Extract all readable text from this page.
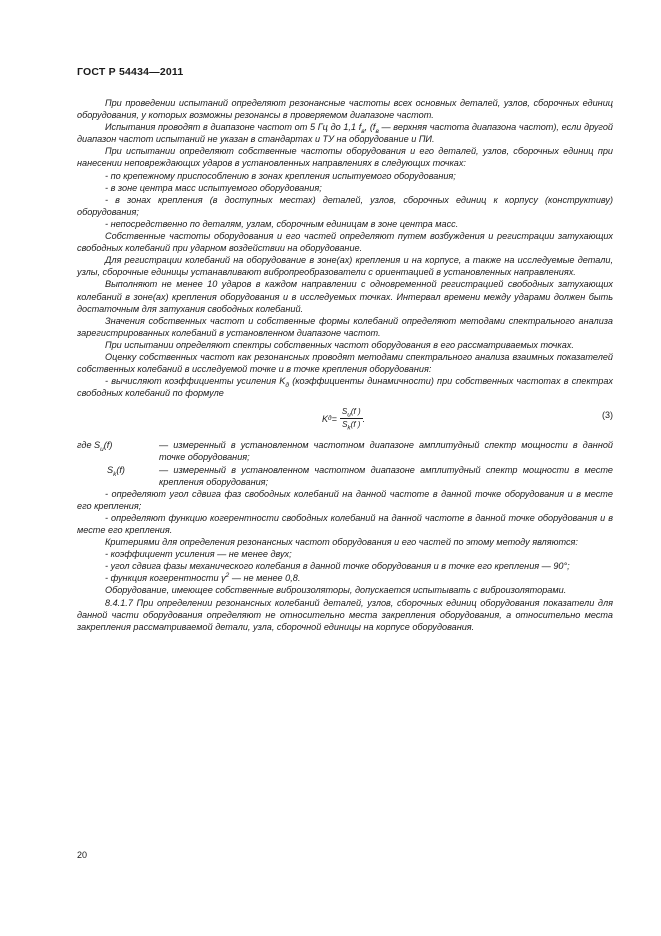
ГОСТ Р 54434—2011

При проведении испытаний определяют резонансные частоты всех основных деталей, узлов, сборочных единиц оборудования, у которых возможны резонансы в проверяемом диапазоне частот.

Испытания проводят в диапазоне частот от 5 Гц до 1,1 $f_в$, ($f_в$ — верхняя частота диапазона частот), если другой диапазон частот испытаний не указан в стандартах и ТУ на оборудование и ПИ.

При испытании определяют собственные частоты оборудования и его деталей, узлов, сборочных единиц при нанесении неповреждающих ударов в установленных направлениях в следующих точках:

- по крепежному приспособлению в зонах крепления испытуемого оборудования;

- в зоне центра масс испытуемого оборудования;

- в зонах крепления (в доступных местах) деталей, узлов, сборочных единиц к корпусу (конструктиву) оборудования;

- непосредственно по деталям, узлам, сборочным единицам в зоне центра масс.

Собственные частоты оборудования и его частей определяют путем возбуждения и регистрации затухающих свободных колебаний при ударном воздействии на оборудование.

Для регистрации колебаний на оборудование в зоне(ах) крепления и на корпусе, а также на исследуемые детали, узлы, сборочные единицы устанавливают вибропреобразователи с ориентацией в установленных направлениях.

Выполняют не менее 10 ударов в каждом направлении с одновременной регистрацией свободных затухающих колебаний в зоне(ах) крепления оборудования и в исследуемых точках. Интервал времени между ударами должен быть достаточным для затухания свободных колебаний.

Значения собственных частот и собственные формы колебаний определяют методами спектрального анализа зарегистрированных колебаний в установленном диапазоне частот.

При испытании определяют спектры собственных частот оборудования в его рассматриваемых точках.

Оценку собственных частот как резонансных проводят методами спектрального анализа взаимных показателей собственных колебаний в исследуемой точке и в точке крепления оборудования:

- вычисляют коэффициенты усиления $K_д$ (коэффициенты динамичности) при собственных частотах в спектрах свободных колебаний по формуле

K $д = \frac{S_и(f )}{S_k(f )}$ .	(3)
где $S_и(f)$	— измеренный в установленном частотном диапазоне амплитудный спектр мощности в данной точке оборудования;
$S_k(f)$	— измеренный в установленном частотном диапазоне амплитудный спектр мощности в месте крепления оборудования;

- определяют угол сдвига фаз свободных колебаний на данной частоте в данной точке оборудования и в месте его крепления;

- определяют функцию когерентности свободных колебаний на данной частоте в данной точке оборудования и в месте его крепления.

Критериями для определения резонансных частот оборудования и его частей по этому методу являются:

- коэффициент усиления — не менее двух;

- угол сдвига фазы механического колебания в данной точке оборудования и в точке его крепления — 90°;

- функция когерентности $\gamma^2$ — не менее 0,8.

Оборудование, имеющее собственные виброизоляторы, допускается испытывать с виброизоляторами.

8.4.1.7 При определении резонансных колебаний деталей, узлов, сборочных единиц оборудования показатели для данной части оборудования определяют не относительно места закрепления оборудования, а относительно места закрепления рассматриваемой детали, узла, сборочной единицы на корпусе оборудования.

20
